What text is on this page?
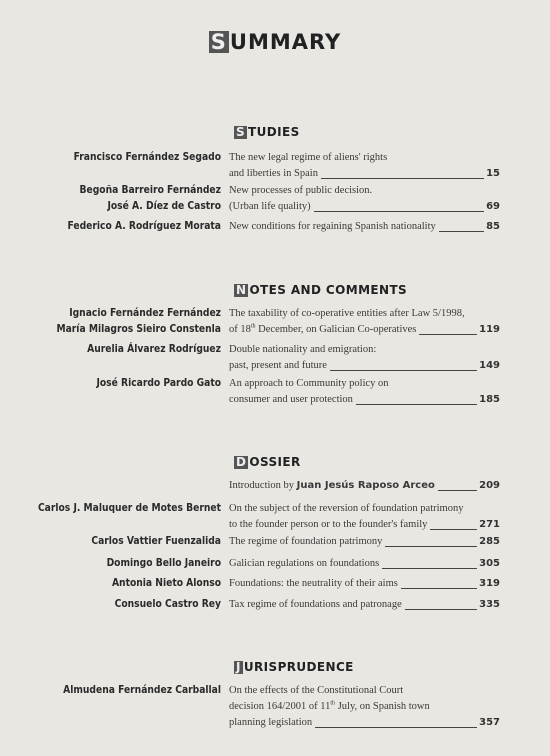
S UMMARY
S TUDIES
Francisco Fernández Segado The new legal regime of aliens' rights
and liberties in Spain	15
Begoña Barreiro Fernández
José A. Díez de Castro
New processes of public decision.
(Urban life quality)	69
Federico A. Rodríguez Morata New conditions for regaining Spanish nationality	85
N OTES AND COMMENTS
Ignacio Fernández Fernández
María Milagros Sieiro Constenla
The taxability of co-operative entities after Law 5/1998,
of 18th December, on Galician Co-operatives	119
Aurelia Álvarez Rodríguez Double nationality and emigration:
past, present and future	149
José Ricardo Pardo Gato An approach to Community policy on
consumer and user protection	185
D OSSIER
Introduction by
Juan Jesús Raposo Arceo	209
Carlos J. Maluquer de Motes Bernet On the subject of the reversion of foundation patrimony
to the founder person or to the founder's family	271
Carlos Vattier Fuenzalida The regime of foundation patrimony	285
Domingo Bello Janeiro Galician regulations on foundations	305
Antonia Nieto Alonso Foundations: the neutrality of their aims	319
Consuelo Castro Rey Tax regime of foundations and patronage	335
J URISPRUDENCE
Almudena Fernández Carballal On the effects of the Constitutional Court
decision 164/2001 of 11th July, on Spanish town
planning legislation	357
